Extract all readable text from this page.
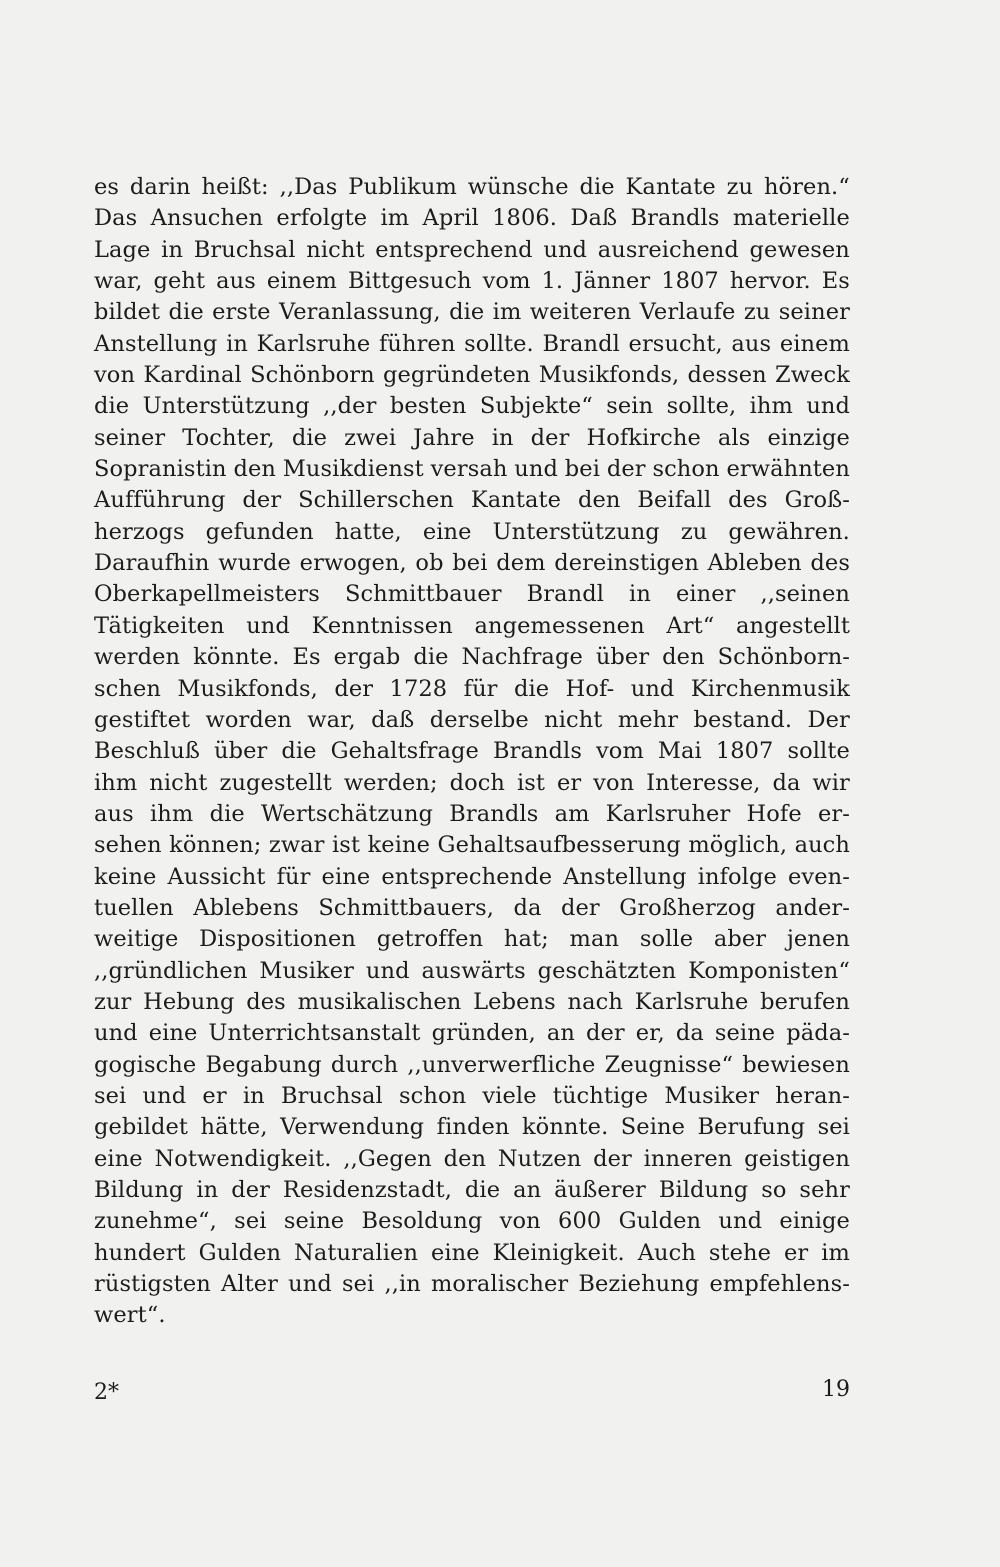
es darin heißt: ,,Das Publikum wünsche die Kantate zu hören.“
Das Ansuchen erfolgte im April 1806. Daß Brandls materielle
Lage in Bruchsal nicht entsprechend und ausreichend gewesen
war, geht aus einem Bittgesuch vom 1. Jänner 1807 hervor. Es
bildet die erste Veranlassung, die im weiteren Verlaufe zu seiner
Anstellung in Karlsruhe führen sollte. Brandl ersucht, aus einem
von Kardinal Schönborn gegründeten Musikfonds, dessen Zweck
die Unterstützung ,,der besten Subjekte“ sein sollte, ihm und
seiner Tochter, die zwei Jahre in der Hofkirche als einzige
Sopranistin den Musikdienst versah und bei der schon erwähnten
Aufführung der Schillerschen Kantate den Beifall des Groß-
herzogs gefunden hatte, eine Unterstützung zu gewähren.
Daraufhin wurde erwogen, ob bei dem dereinstigen Ableben des
Oberkapellmeisters Schmittbauer Brandl in einer ,,seinen
Tätigkeiten und Kenntnissen angemessenen Art“ angestellt
werden könnte. Es ergab die Nachfrage über den Schönborn-
schen Musikfonds, der 1728 für die Hof- und Kirchenmusik
gestiftet worden war, daß derselbe nicht mehr bestand. Der
Beschluß über die Gehaltsfrage Brandls vom Mai 1807 sollte
ihm nicht zugestellt werden; doch ist er von Interesse, da wir
aus ihm die Wertschätzung Brandls am Karlsruher Hofe er-
sehen können; zwar ist keine Gehaltsaufbesserung möglich, auch
keine Aussicht für eine entsprechende Anstellung infolge even-
tuellen Ablebens Schmittbauers, da der Großherzog ander-
weitige Dispositionen getroffen hat; man solle aber jenen
,,gründlichen Musiker und auswärts geschätzten Komponisten“
zur Hebung des musikalischen Lebens nach Karlsruhe berufen
und eine Unterrichtsanstalt gründen, an der er, da seine päda-
gogische Begabung durch ,,unverwerfliche Zeugnisse“ bewiesen
sei und er in Bruchsal schon viele tüchtige Musiker heran-
gebildet hätte, Verwendung finden könnte. Seine Berufung sei
eine Notwendigkeit. ,,Gegen den Nutzen der inneren geistigen
Bildung in der Residenzstadt, die an äußerer Bildung so sehr
zunehme“, sei seine Besoldung von 600 Gulden und einige
hundert Gulden Naturalien eine Kleinigkeit. Auch stehe er im
rüstigsten Alter und sei ,,in moralischer Beziehung empfehlens-
wert“.
2*	19
